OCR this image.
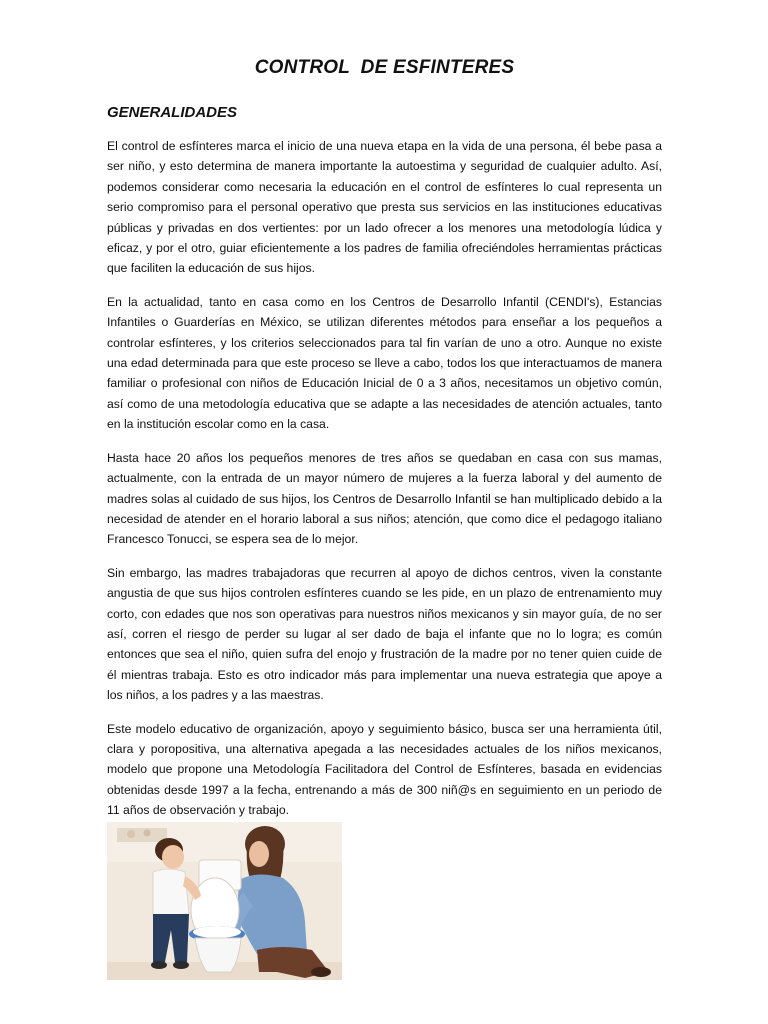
CONTROL  DE ESFINTERES
GENERALIDADES

El control de esfínteres marca el inicio de una nueva etapa en la vida de una persona, él bebe pasa a ser niño, y esto determina de manera importante la autoestima y seguridad de cualquier adulto. Así, podemos considerar como necesaria la educación en el control de esfínteres lo cual representa un serio compromiso para el personal operativo que presta sus servicios en las instituciones educativas públicas y privadas en dos vertientes: por un lado ofrecer a los menores una metodología lúdica y eficaz, y por el otro, guiar eficientemente a los padres de familia ofreciéndoles herramientas prácticas que faciliten la educación de sus hijos.

En la actualidad, tanto en casa como en los Centros de Desarrollo Infantil (CENDI's), Estancias Infantiles o Guarderías en México, se utilizan diferentes métodos para enseñar a los pequeños a controlar esfínteres, y los criterios seleccionados para tal fin varían de uno a otro. Aunque no existe una edad determinada para que este proceso se lleve a cabo, todos los que interactuamos de manera familiar o profesional con niños de Educación Inicial de 0 a 3 años, necesitamos un objetivo común, así como de una metodología educativa que se adapte a las necesidades de atención actuales, tanto en la institución escolar como en la casa.

Hasta hace 20 años los pequeños menores de tres años se quedaban en casa con sus mamas, actualmente, con la entrada de un mayor número de mujeres a la fuerza laboral y del aumento de madres solas al cuidado de sus hijos, los Centros de Desarrollo Infantil se han multiplicado debido a la necesidad de atender en el horario laboral a sus niños; atención, que como dice el pedagogo italiano Francesco Tonucci, se espera sea de lo mejor.

Sin embargo, las madres trabajadoras que recurren al apoyo de dichos centros, viven la constante angustia de que sus hijos controlen esfínteres cuando se les pide, en un plazo de entrenamiento muy corto, con edades que nos son operativas para nuestros niños mexicanos y sin mayor guía, de no ser así, corren el riesgo de perder su lugar al ser dado de baja el infante que no lo logra; es común entonces que sea el niño, quien sufra del enojo y frustración de la madre por no tener quien cuide de él mientras trabaja. Esto es otro indicador más para implementar una nueva estrategia que apoye a los niños, a los padres y a las maestras.

Este modelo educativo de organización, apoyo y seguimiento básico, busca ser una herramienta útil, clara y poropositiva, una alternativa apegada a las necesidades actuales de los niños mexicanos, modelo que propone una Metodología Facilitadora del Control de Esfínteres, basada en evidencias obtenidas desde 1997 a la fecha, entrenando a más de 300 niñ@s en seguimiento en un periodo de 11 años de observación y trabajo.
